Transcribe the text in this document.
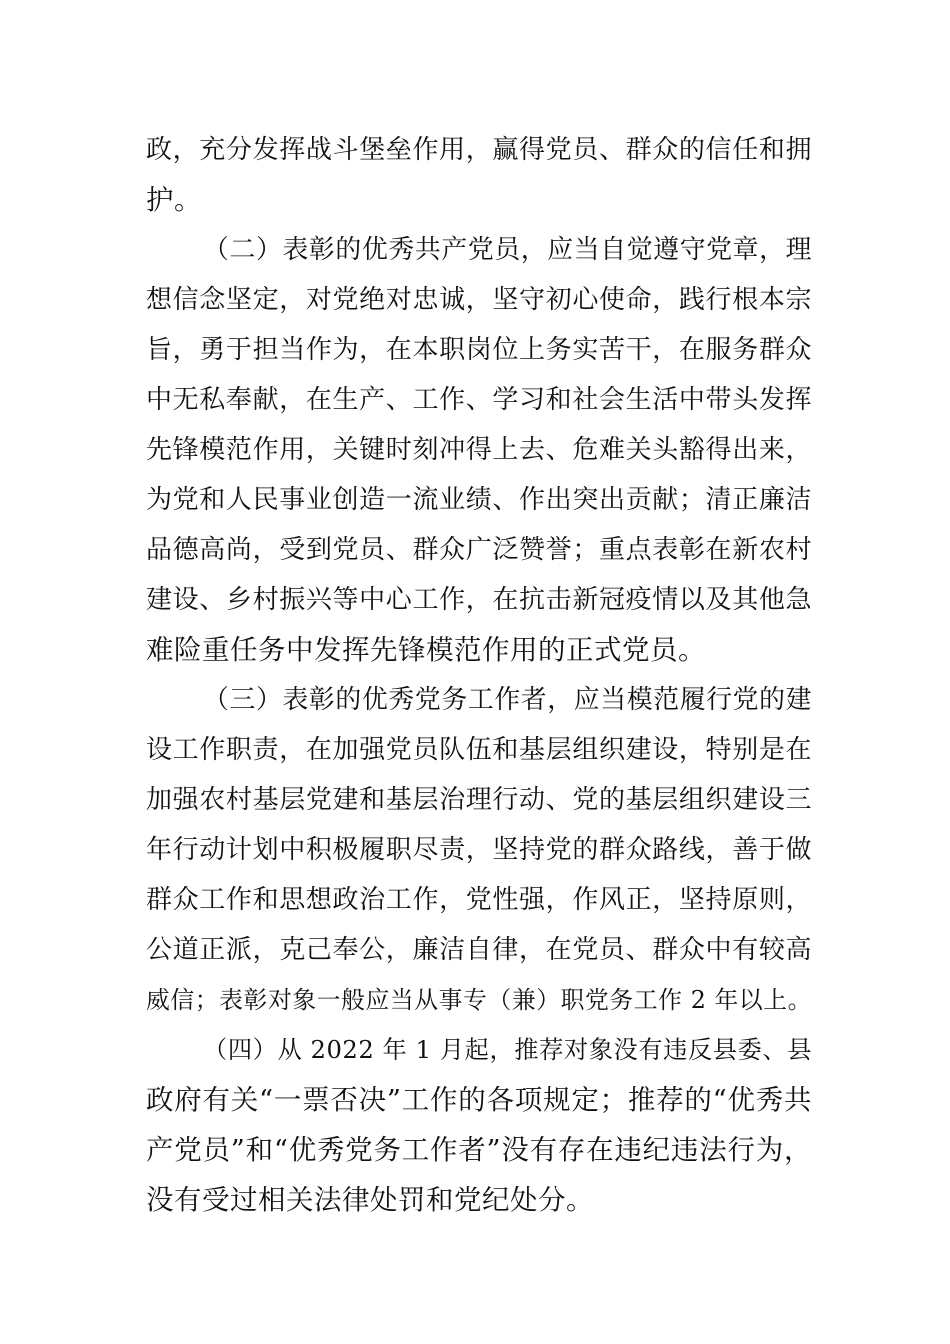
政，充分发挥战斗堡垒作用，赢得党员、群众的信任和拥
护。
（二）表彰的优秀共产党员，应当自觉遵守党章，理
想信念坚定，对党绝对忠诚，坚守初心使命，践行根本宗
旨，勇于担当作为，在本职岗位上务实苦干，在服务群众
中无私奉献，在生产、工作、学习和社会生活中带头发挥
先锋模范作用，关键时刻冲得上去、危难关头豁得出来，
为党和人民事业创造一流业绩、作出突出贡献；清正廉洁
品德高尚，受到党员、群众广泛赞誉；重点表彰在新农村
建设、乡村振兴等中心工作，在抗击新冠疫情以及其他急
难险重任务中发挥先锋模范作用的正式党员。
（三）表彰的优秀党务工作者，应当模范履行党的建
设工作职责，在加强党员队伍和基层组织建设，特别是在
加强农村基层党建和基层治理行动、党的基层组织建设三
年行动计划中积极履职尽责，坚持党的群众路线，善于做
群众工作和思想政治工作，党性强，作风正，坚持原则，
公道正派，克己奉公，廉洁自律，在党员、群众中有较高
威信；表彰对象一般应当从事专（兼）职党务工作 2 年以上。
（四）从 2022 年 1 月起，推荐对象没有违反县委、县
政府有关“一票否决”工作的各项规定；推荐的“优秀共
产党员”和“优秀党务工作者”没有存在违纪违法行为，
没有受过相关法律处罚和党纪处分。
